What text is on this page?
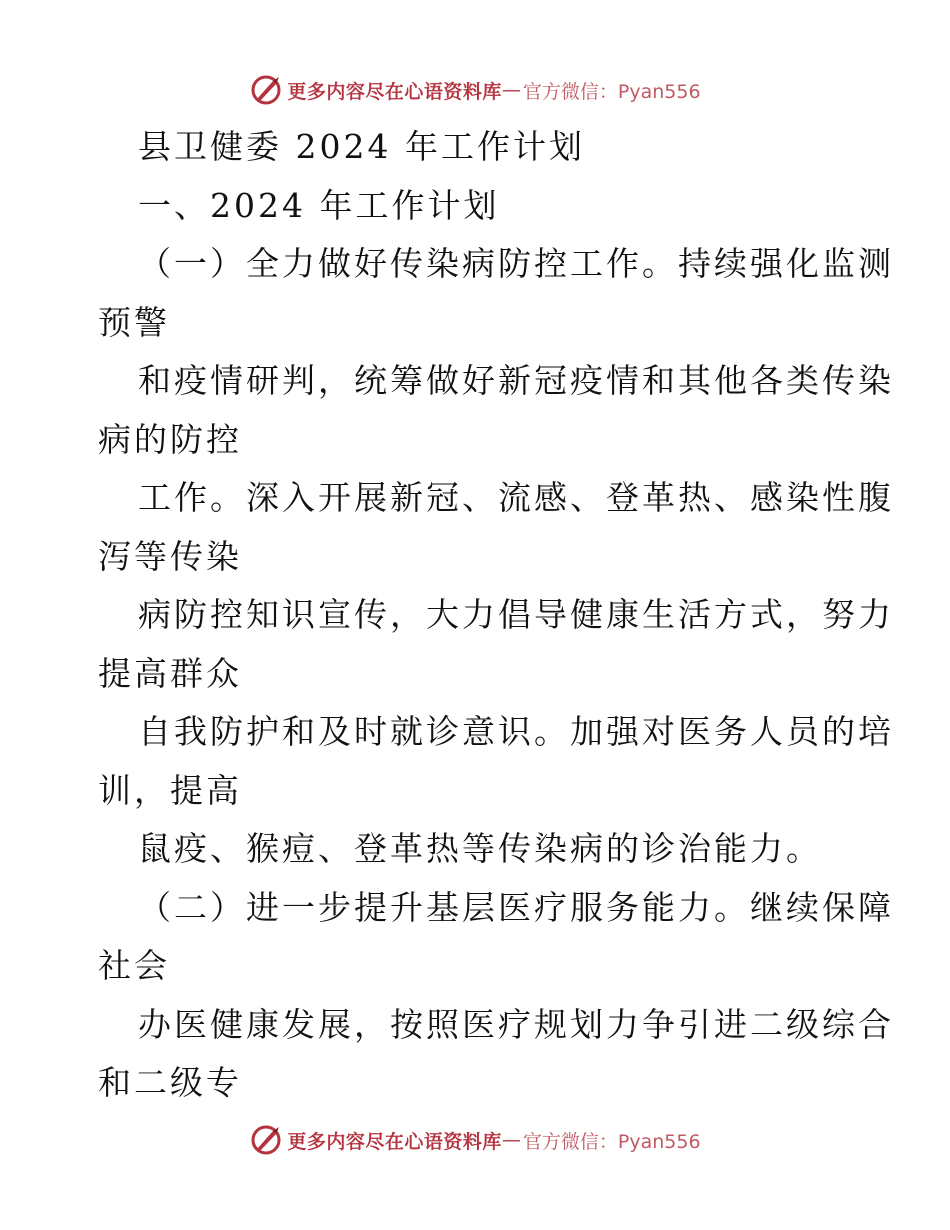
更多内容尽在心语资料库 — 官方微信：Pyan556
县卫健委 2024 年工作计划
一、2024 年工作计划
（一）全力做好传染病防控工作。持续强化监测
预警
和疫情研判，统筹做好新冠疫情和其他各类传染
病的防控
工作。深入开展新冠、流感、登革热、感染性腹
泻等传染
病防控知识宣传，大力倡导健康生活方式，努力
提高群众
自我防护和及时就诊意识。加强对医务人员的培
训，提高
鼠疫、猴痘、登革热等传染病的诊治能力。
（二）进一步提升基层医疗服务能力。继续保障
社会
办医健康发展，按照医疗规划力争引进二级综合
和二级专
更多内容尽在心语资料库 — 官方微信：Pyan556
